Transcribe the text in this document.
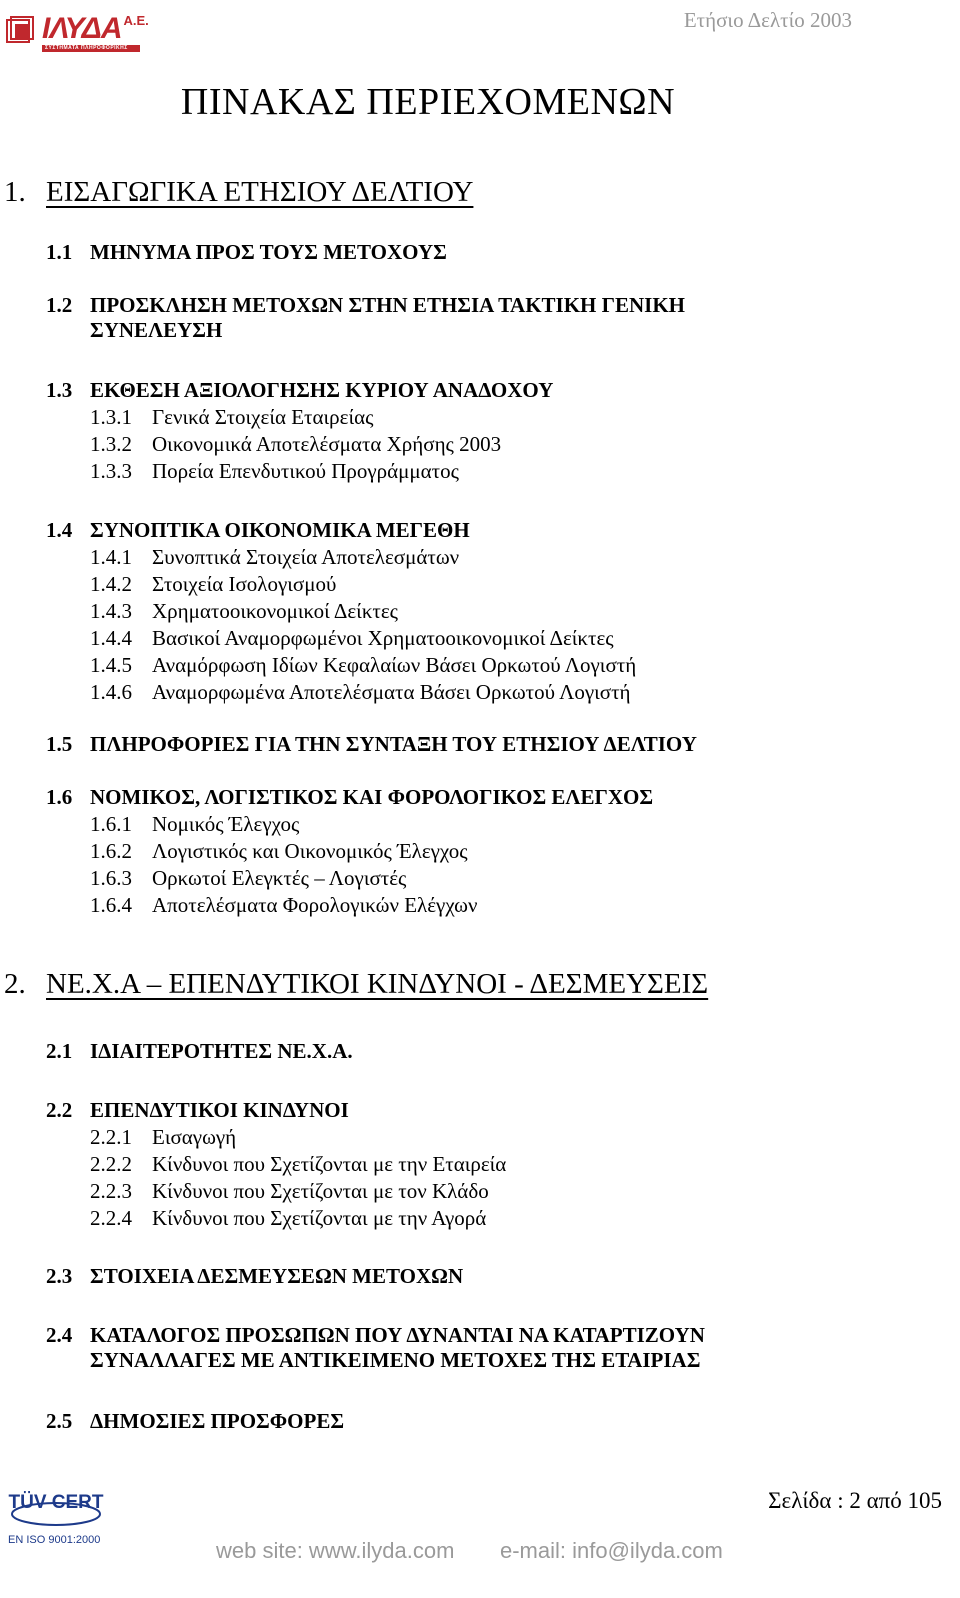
ΙΛΥΔΑ $^{A.E.}$
ΣΥΣΤΗΜΑΤΑ ΠΛΗΡΟΦΟΡΙΚΗΣ
Ετήσιο Δελτίο 2003
ΠΙΝΑΚΑΣ ΠΕΡΙΕΧΟΜΕΝΩΝ
1. ΕΙΣΑΓΩΓΙΚΑ ΕΤΗΣΙΟΥ ΔΕΛΤΙΟΥ
1.1 ΜΗΝΥΜΑ ΠΡΟΣ ΤΟΥΣ ΜΕΤΟΧΟΥΣ
1.2 ΠΡΟΣΚΛΗΣΗ ΜΕΤΟΧΩΝ ΣΤΗΝ ΕΤΗΣΙΑ ΤΑΚΤΙΚΗ ΓΕΝΙΚΗ
ΣΥΝΕΛΕΥΣΗ
1.3 ΕΚΘΕΣΗ ΑΞΙΟΛΟΓΗΣΗΣ ΚΥΡΙΟΥ ΑΝΑΔΟΧΟΥ
1.3.1 Γενικά Στοιχεία Εταιρείας
1.3.2 Οικονομικά Αποτελέσματα Χρήσης 2003
1.3.3 Πορεία Επενδυτικού Προγράμματος
1.4 ΣΥΝΟΠΤΙΚΑ ΟΙΚΟΝΟΜΙΚΑ ΜΕΓΕΘΗ
1.4.1 Συνοπτικά Στοιχεία Αποτελεσμάτων
1.4.2 Στοιχεία Ισολογισμού
1.4.3 Χρηματοοικονομικοί Δείκτες
1.4.4 Βασικοί Αναμορφωμένοι Χρηματοοικονομικοί Δείκτες
1.4.5 Αναμόρφωση Ιδίων Κεφαλαίων Βάσει Ορκωτού Λογιστή
1.4.6 Αναμορφωμένα Αποτελέσματα Βάσει Ορκωτού Λογιστή
1.5 ΠΛΗΡΟΦΟΡΙΕΣ ΓΙΑ ΤΗΝ ΣΥΝΤΑΞΗ ΤΟΥ ΕΤΗΣΙΟΥ ΔΕΛΤΙΟΥ
1.6 ΝΟΜΙΚΟΣ, ΛΟΓΙΣΤΙΚΟΣ ΚΑΙ ΦΟΡΟΛΟΓΙΚΟΣ ΕΛΕΓΧΟΣ
1.6.1 Νομικός Έλεγχος
1.6.2 Λογιστικός και Οικονομικός Έλεγχος
1.6.3 Ορκωτοί Ελεγκτές – Λογιστές
1.6.4 Αποτελέσματα Φορολογικών Ελέγχων
2. ΝΕ.Χ.Α – ΕΠΕΝΔΥΤΙΚΟΙ ΚΙΝΔΥΝΟΙ - ΔΕΣΜΕΥΣΕΙΣ
2.1 ΙΔΙΑΙΤΕΡΟΤΗΤΕΣ ΝΕ.Χ.Α.
2.2 ΕΠΕΝΔΥΤΙΚΟΙ ΚΙΝΔΥΝΟΙ
2.2.1 Εισαγωγή
2.2.2 Κίνδυνοι που Σχετίζονται με την Εταιρεία
2.2.3 Κίνδυνοι που Σχετίζονται με τον Κλάδο
2.2.4 Κίνδυνοι που Σχετίζονται με την Αγορά
2.3 ΣΤΟΙΧΕΙΑ ΔΕΣΜΕΥΣΕΩΝ ΜΕΤΟΧΩΝ
2.4 ΚΑΤΑΛΟΓΟΣ ΠΡΟΣΩΠΩΝ ΠΟΥ ΔΥΝΑΝΤΑΙ ΝΑ ΚΑΤΑΡΤΙΖΟΥΝ
ΣΥΝΑΛΛΑΓΕΣ ΜΕ ΑΝΤΙΚΕΙΜΕΝΟ ΜΕΤΟΧΕΣ ΤΗΣ ΕΤΑΙΡΙΑΣ
2.5 ΔΗΜΟΣΙΕΣ ΠΡΟΣΦΟΡΕΣ
TÜV CERT
EN ISO 9001:2000
Σελίδα : 2 από 105
web site: www.ilyda.com e-mail: info@ilyda.com
